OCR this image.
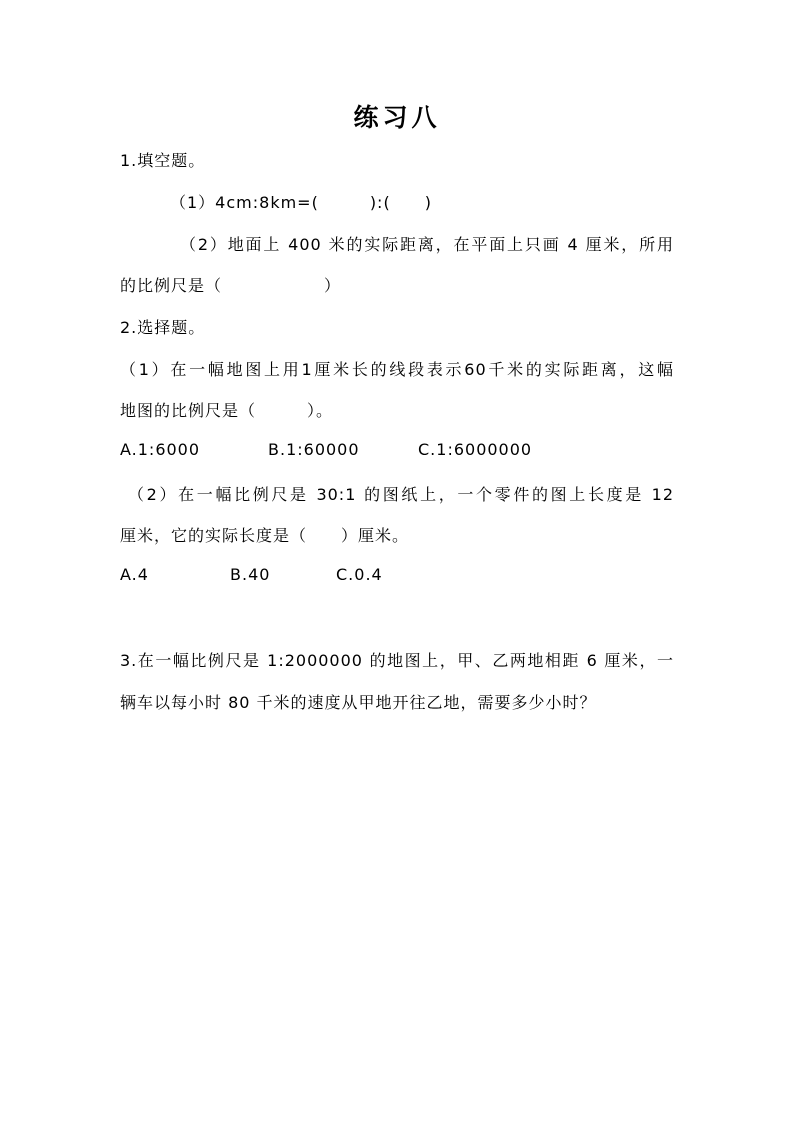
练习八
1.填空题。
（1）4cm:8km=(　　　):(　　)
（2）地面上 400 米的实际距离，在平面上只画 4 厘米，所用
的比例尺是（　　　　　　）
2.选择题。
（1）在一幅地图上用1厘米长的线段表示60千米的实际距离，这幅
地图的比例尺是（　　　）。
A.1:6000	B.1:60000	C.1:6000000
（2）在一幅比例尺是 30:1 的图纸上，一个零件的图上长度是 12
厘米，它的实际长度是（　　）厘米。
A.4	B.40	C.0.4
3.在一幅比例尺是 1:2000000 的地图上，甲、乙两地相距 6 厘米，一
辆车以每小时 80 千米的速度从甲地开往乙地，需要多少小时？
